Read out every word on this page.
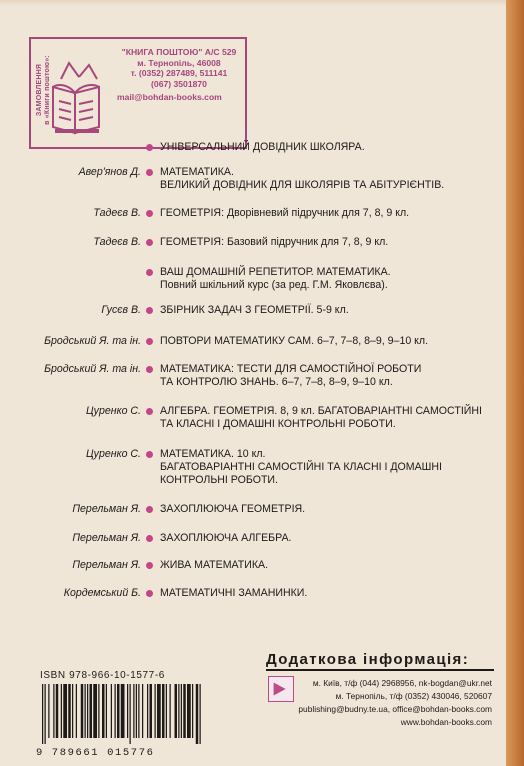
ЗАМОВЛЕННЯ в «Книги поштою»:
"КНИГА ПОШТОЮ" А/С 529
м. Тернопіль, 46008
т. (0352) 287489, 511141
(067) 3501870
mail@bohdan-books.com
УНІВЕРСАЛЬНИЙ ДОВІДНИК ШКОЛЯРА.
Авер'янов Д. МАТЕМАТИКА.
ВЕЛИКИЙ ДОВІДНИК ДЛЯ ШКОЛЯРІВ ТА АБІТУРІЄНТІВ.
Тадеєв В. ГЕОМЕТРІЯ: Дворівневий підручник для 7, 8, 9 кл.
Тадеєв В. ГЕОМЕТРІЯ: Базовий підручник для 7, 8, 9 кл.
ВАШ ДОМАШНІЙ РЕПЕТИТОР. МАТЕМАТИКА.
Повний шкільний курс (за ред. Г.М. Яковлєва).
Гусєв В. ЗБІРНИК ЗАДАЧ З ГЕОМЕТРІЇ. 5-9 кл.
Бродський Я. та ін. ПОВТОРИ МАТЕМАТИКУ САМ. 6–7, 7–8, 8–9, 9–10 кл.
Бродський Я. та ін. МАТЕМАТИКА: ТЕСТИ ДЛЯ САМОСТІЙНОЇ РОБОТИ
ТА КОНТРОЛЮ ЗНАНЬ. 6–7, 7–8, 8–9, 9–10 кл.
Цуренко С. АЛГЕБРА. ГЕОМЕТРІЯ. 8, 9 кл. БАГАТОВАРІАНТНІ САМОСТІЙНІ
ТА КЛАСНІ І ДОМАШНІ КОНТРОЛЬНІ РОБОТИ.
Цуренко С. МАТЕМАТИКА. 10 кл.
БАГАТОВАРІАНТНІ САМОСТІЙНІ ТА КЛАСНІ І ДОМАШНІ
КОНТРОЛЬНІ РОБОТИ.
Перельман Я. ЗАХОПЛЮЮЧА ГЕОМЕТРІЯ.
Перельман Я. ЗАХОПЛЮЮЧА АЛГЕБРА.
Перельман Я. ЖИВА МАТЕМАТИКА.
Кордемський Б. МАТЕМАТИЧНІ ЗАМАНИНКИ.
ISBN 978-966-10-1577-6
9 789661 015776
Додаткова інформація:
м. Київ, т/ф (044) 2968956, nk-bogdan@ukr.net
м. Тернопіль, т/ф (0352) 430046, 520607
publishing@budny.te.ua, office@bohdan-books.com
www.bohdan-books.com
